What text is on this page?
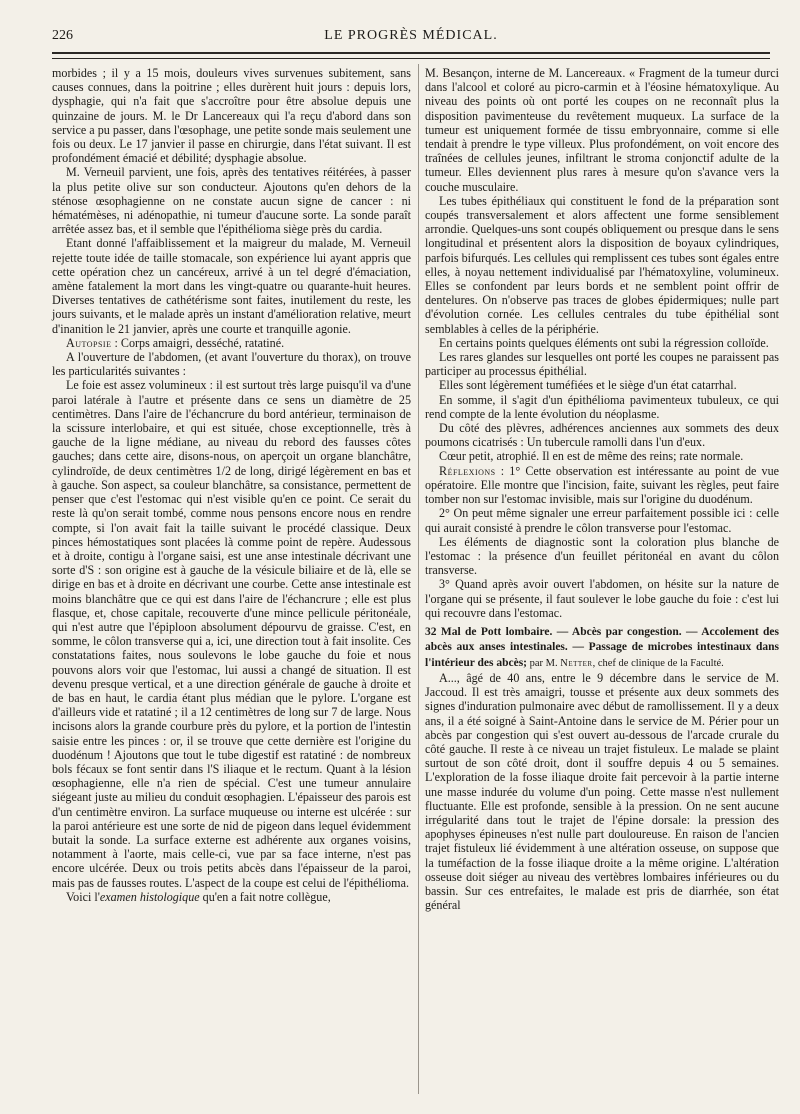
226	LE PROGRÈS MÉDICAL.

morbides ; il y a 15 mois, douleurs vives survenues subitement, sans causes connues, dans la poitrine ; elles durèrent huit jours : depuis lors, dysphagie, qui n'a fait que s'accroître pour être absolue depuis une quinzaine de jours. M. le Dr Lancereaux qui l'a reçu d'abord dans son service a pu passer, dans l'œsophage, une petite sonde mais seulement une fois ou deux. Le 17 janvier il passe en chirurgie, dans l'état suivant. Il est profondément émacié et débilité; dysphagie absolue.

M. Verneuil parvient, une fois, après des tentatives réitérées, à passer la plus petite olive sur son conducteur. Ajoutons qu'en dehors de la sténose œsophagienne on ne constate aucun signe de cancer : ni hématémèses, ni adénopathie, ni tumeur d'aucune sorte. La sonde paraît arrêtée assez bas, et il semble que l'épithélioma siège près du cardia.

Etant donné l'affaiblissement et la maigreur du malade, M. Verneuil rejette toute idée de taille stomacale, son expérience lui ayant appris que cette opération chez un cancéreux, arrivé à un tel degré d'émaciation, amène fatalement la mort dans les vingt-quatre ou quarante-huit heures. Diverses tentatives de cathétérisme sont faites, inutilement du reste, les jours suivants, et le malade après un instant d'amélioration relative, meurt d'inanition le 21 janvier, après une courte et tranquille agonie.

Autopsie : Corps amaigri, desséché, ratatiné.

A l'ouverture de l'abdomen, (et avant l'ouverture du thorax), on trouve les particularités suivantes :

Le foie est assez volumineux : il est surtout très large puisqu'il va d'une paroi latérale à l'autre et présente dans ce sens un diamètre de 25 centimètres. Dans l'aire de l'échancrure du bord antérieur, terminaison de la scissure interlobaire, et qui est située, chose exceptionnelle, très à gauche de la ligne médiane, au niveau du rebord des fausses côtes gauches; dans cette aire, disons-nous, on aperçoit un organe blanchâtre, cylindroïde, de deux centimètres 1/2 de long, dirigé légèrement en bas et à gauche. Son aspect, sa couleur blanchâtre, sa consistance, permettent de penser que c'est l'estomac qui n'est visible qu'en ce point. Ce serait du reste là qu'on serait tombé, comme nous pensons encore nous en rendre compte, si l'on avait fait la taille suivant le procédé classique. Deux pinces hémostatiques sont placées là comme point de repère. Audessous et à droite, contigu à l'organe saisi, est une anse intestinale décrivant une sorte d'S : son origine est à gauche de la vésicule biliaire et de là, elle se dirige en bas et à droite en décrivant une courbe. Cette anse intestinale est moins blanchâtre que ce qui est dans l'aire de l'échancrure ; elle est plus flasque, et, chose capitale, recouverte d'une mince pellicule péritonéale, qui n'est autre que l'épiploon absolument dépourvu de graisse. C'est, en somme, le côlon transverse qui a, ici, une direction tout à fait insolite. Ces constatations faites, nous soulevons le lobe gauche du foie et nous pouvons alors voir que l'estomac, lui aussi a changé de situation. Il est devenu presque vertical, et a une direction générale de gauche à droite et de bas en haut, le cardia étant plus médian que le pylore. L'organe est d'ailleurs vide et ratatiné ; il a 12 centimètres de long sur 7 de large. Nous incisons alors la grande courbure près du pylore, et la portion de l'intestin saisie entre les pinces : or, il se trouve que cette dernière est l'origine du duodénum ! Ajoutons que tout le tube digestif est ratatiné : de nombreux bols fécaux se font sentir dans l'S iliaque et le rectum. Quant à la lésion œsophagienne, elle n'a rien de spécial. C'est une tumeur annulaire siégeant juste au milieu du conduit œsophagien. L'épaisseur des parois est d'un centimètre environ. La surface muqueuse ou interne est ulcérée : sur la paroi antérieure est une sorte de nid de pigeon dans lequel évidemment butait la sonde. La surface externe est adhérente aux organes voisins, notamment à l'aorte, mais celle-ci, vue par sa face interne, n'est pas encore ulcérée. Deux ou trois petits abcès dans l'épaisseur de la paroi, mais pas de fausses routes. L'aspect de la coupe est celui de l'épithélioma.

Voici l'examen histologique qu'en a fait notre collègue,

M. Besançon, interne de M. Lancereaux. « Fragment de la tumeur durci dans l'alcool et coloré au picro-carmin et à l'éosine hématoxylique. Au niveau des points où ont porté les coupes on ne reconnaît plus la disposition pavimenteuse du revêtement muqueux. La surface de la tumeur est uniquement formée de tissu embryonnaire, comme si elle tendait à prendre le type villeux. Plus profondément, on voit encore des traînées de cellules jeunes, infiltrant le stroma conjonctif adulte de la tumeur. Elles deviennent plus rares à mesure qu'on s'avance vers la couche musculaire.

Les tubes épithéliaux qui constituent le fond de la préparation sont coupés transversalement et alors affectent une forme sensiblement arrondie. Quelques-uns sont coupés obliquement ou presque dans le sens longitudinal et présentent alors la disposition de boyaux cylindriques, parfois bifurqués. Les cellules qui remplissent ces tubes sont égales entre elles, à noyau nettement individualisé par l'hématoxyline, volumineux. Elles se confondent par leurs bords et ne semblent point offrir de dentelures. On n'observe pas traces de globes épidermiques; nulle part d'évolution cornée. Les cellules centrales du tube épithélial sont semblables à celles de la périphérie.

En certains points quelques éléments ont subi la régression colloïde.

Les rares glandes sur lesquelles ont porté les coupes ne paraissent pas participer au processus épithélial.

Elles sont légèrement tuméfiées et le siège d'un état catarrhal.

En somme, il s'agit d'un épithélioma pavimenteux tubuleux, ce qui rend compte de la lente évolution du néoplasme.

Du côté des plèvres, adhérences anciennes aux sommets des deux poumons cicatrisés : Un tubercule ramolli dans l'un d'eux.

Cœur petit, atrophié. Il en est de même des reins; rate normale.

Réflexions : 1° Cette observation est intéressante au point de vue opératoire. Elle montre que l'incision, faite, suivant les règles, peut faire tomber non sur l'estomac invisible, mais sur l'origine du duodénum.

2° On peut même signaler une erreur parfaitement possible ici : celle qui aurait consisté à prendre le côlon transverse pour l'estomac.

Les éléments de diagnostic sont la coloration plus blanche de l'estomac : la présence d'un feuillet péritonéal en avant du côlon transverse.

3° Quand après avoir ouvert l'abdomen, on hésite sur la nature de l'organe qui se présente, il faut soulever le lobe gauche du foie : c'est lui qui recouvre dans l'estomac.

32 Mal de Pott lombaire. — Abcès par congestion. — Accolement des abcès aux anses intestinales. — Passage de microbes intestinaux dans l'intérieur des abcès; par M. Netter, chef de clinique de la Faculté.

A..., âgé de 40 ans, entre le 9 décembre dans le service de M. Jaccoud. Il est très amaigri, tousse et présente aux deux sommets des signes d'induration pulmonaire avec début de ramollissement. Il y a deux ans, il a été soigné à Saint-Antoine dans le service de M. Périer pour un abcès par congestion qui s'est ouvert au-dessous de l'arcade crurale du côté gauche. Il reste à ce niveau un trajet fistuleux. Le malade se plaint surtout de son côté droit, dont il souffre depuis 4 ou 5 semaines. L'exploration de la fosse iliaque droite fait percevoir à la partie interne une masse indurée du volume d'un poing. Cette masse n'est nullement fluctuante. Elle est profonde, sensible à la pression. On ne sent aucune irrégularité dans tout le trajet de l'épine dorsale: la pression des apophyses épineuses n'est nulle part douloureuse. En raison de l'ancien trajet fistuleux lié évidemment à une altération osseuse, on suppose que la tuméfaction de la fosse iliaque droite a la même origine. L'altération osseuse doit siéger au niveau des vertèbres lombaires inférieures ou du bassin. Sur ces entrefaites, le malade est pris de diarrhée, son état général
